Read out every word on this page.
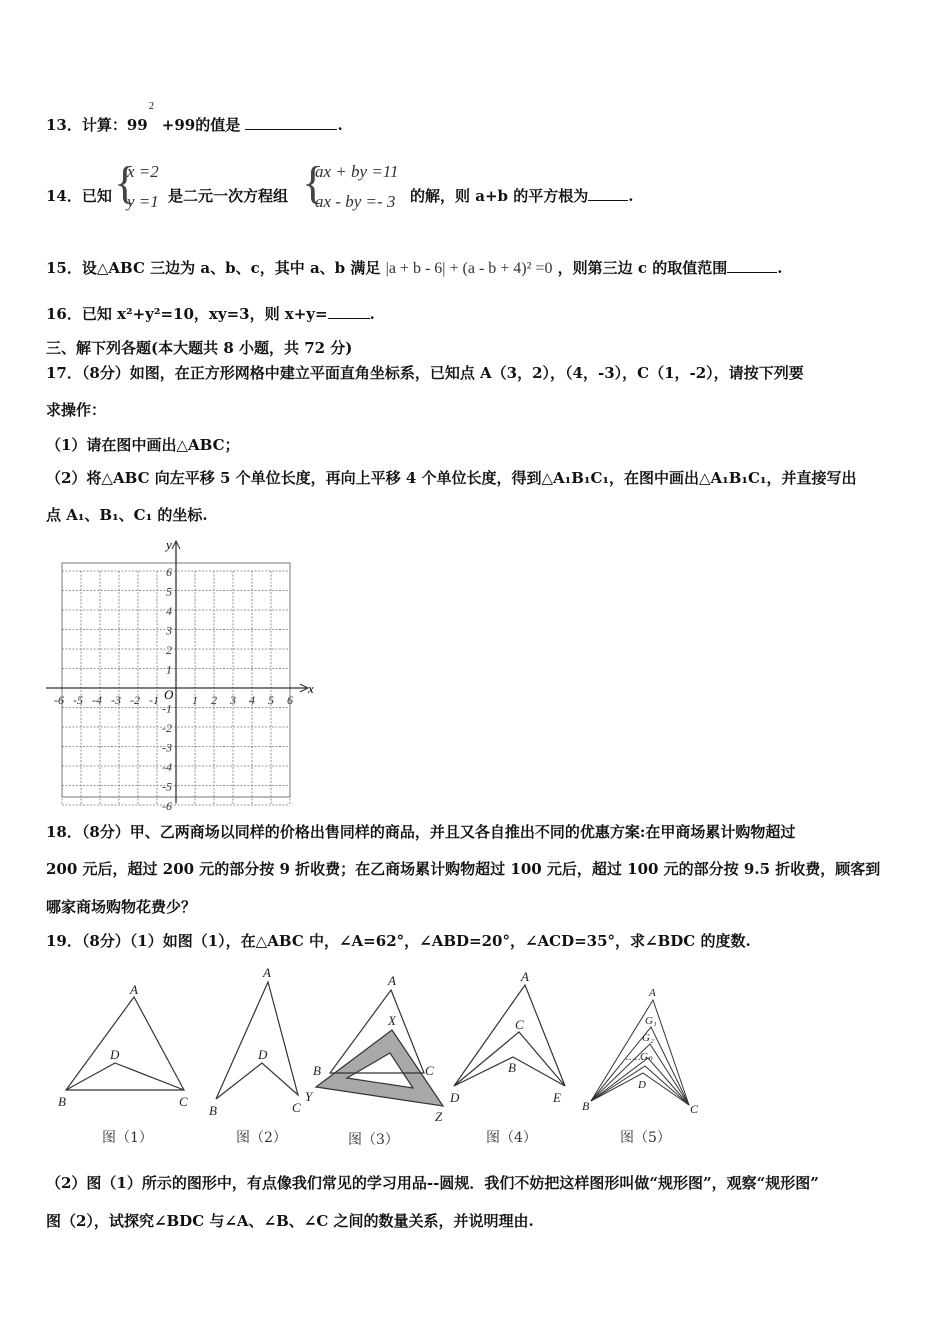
13．计算：99 +99的值是	.
2
14．已知 {
x =2
y =1 是二元一次方程组 {
ax + by =11
ax - by =- 3 的解，则 a+b 的平方根为	.
15．设△ABC 三边为 a、b、c，其中 a、b 满足 |a + b - 6| + (a - b + 4)² =0 ，则第三边 c 的取值范围	.
16．已知 x²+y²=10，xy=3，则 x+y=	.
三、解下列各题(本大题共 8 小题，共 72 分)
17．（8分）如图，在正方形网格中建立平面直角坐标系，已知点 A（3，2），（4，-3），C（1，-2），请按下列要
求操作：
（1）请在图中画出△ABC；
（2）将△ABC 向左平移 5 个单位长度，再向上平移 4 个单位长度，得到△A₁B₁C₁，在图中画出△A₁B₁C₁，并直接写出
点 A₁、B₁、C₁ 的坐标.
x
y
O
-6 -5 -4 -3 -2 -1	1 2 3 4 5 6
6
5
4
3
2
1
-1
-2
-3
-4
-5
-6
18．（8分）甲、乙两商场以同样的价格出售同样的商品，并且又各自推出不同的优惠方案:在甲商场累计购物超过
200 元后，超过 200 元的部分按 9 折收费；在乙商场累计购物超过 100 元后，超过 100 元的部分按 9.5 折收费，顾客到
哪家商场购物花费少？
19．（8分）（1）如图（1），在△ABC 中，∠A=62°，∠ABD=20°，∠ACD=35°，求∠BDC 的度数.
A
D
B	C
A
D
B	C
A
X
B	C
Y
Z
A
C
B
D	E
A
G₁
G₂
Gₙ
……
D
B	C
图（1）	图（2）	图（3）	图（4）	图（5）
（2）图（1）所示的图形中，有点像我们常见的学习用品--圆规．我们不妨把这样图形叫做“规形图”，观察“规形图”
图（2），试探究∠BDC 与∠A、∠B、∠C 之间的数量关系，并说明理由.
